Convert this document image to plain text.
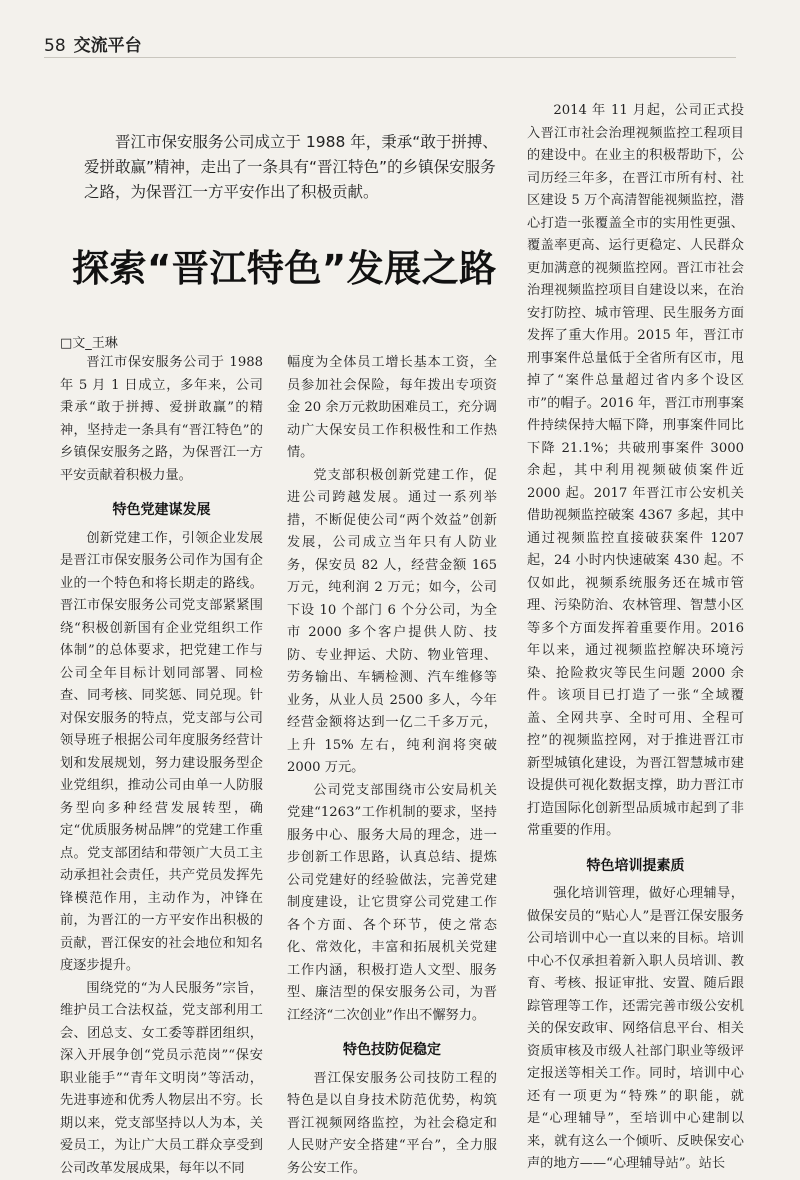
58 交流平台
晋江市保安服务公司成立于 1988 年，秉承“敢于拼搏、爱拼敢赢”精神，走出了一条具有“晋江特色”的乡镇保安服务之路，为保晋江一方平安作出了积极贡献。
探索“晋江特色”发展之路
□文_王琳

晋江市保安服务公司于 1988 年 5 月 1 日成立，多年来，公司秉承“敢于拼搏、爱拼敢赢”的精神，坚持走一条具有“晋江特色”的乡镇保安服务之路，为保晋江一方平安贡献着积极力量。

特色党建谋发展

创新党建工作，引领企业发展是晋江市保安服务公司作为国有企业的一个特色和将长期走的路线。晋江市保安服务公司党支部紧紧围绕“积极创新国有企业党组织工作体制”的总体要求，把党建工作与公司全年目标计划同部署、同检查、同考核、同奖惩、同兑现。针对保安服务的特点，党支部与公司领导班子根据公司年度服务经营计划和发展规划，努力建设服务型企业党组织，推动公司由单一人防服务型向多种经营发展转型，确定“优质服务树品牌”的党建工作重点。党支部团结和带领广大员工主动承担社会责任，共产党员发挥先锋模范作用，主动作为，冲锋在前，为晋江的一方平安作出积极的贡献，晋江保安的社会地位和知名度逐步提升。

围绕党的“为人民服务”宗旨，维护员工合法权益，党支部利用工会、团总支、女工委等群团组织，深入开展争创“党员示范岗”“保安职业能手”“青年文明岗”等活动，先进事迹和优秀人物层出不穷。长期以来，党支部坚持以人为本，关爱员工，为让广大员工群众享受到公司改革发展成果，每年以不同

幅度为全体员工增长基本工资，全员参加社会保险，每年拨出专项资金 20 余万元救助困难员工，充分调动广大保安员工作积极性和工作热情。

党支部积极创新党建工作，促进公司跨越发展。通过一系列举措，不断促使公司“两个效益”创新发展，公司成立当年只有人防业务，保安员 82 人，经营金额 165 万元，纯利润 2 万元；如今，公司下设 10 个部门 6 个分公司，为全市 2000 多个客户提供人防、技防、专业押运、犬防、物业管理、劳务输出、车辆检测、汽车维修等业务，从业人员 2500 多人，今年经营金额将达到一亿二千多万元，上升 15% 左右，纯利润将突破 2000 万元。

公司党支部围绕市公安局机关党建“1263”工作机制的要求，坚持服务中心、服务大局的理念，进一步创新工作思路，认真总结、提炼公司党建好的经验做法，完善党建制度建设，让它贯穿公司党建工作各个方面、各个环节，使之常态化、常效化，丰富和拓展机关党建工作内涵，积极打造人文型、服务型、廉洁型的保安服务公司，为晋江经济“二次创业”作出不懈努力。

特色技防促稳定

晋江保安服务公司技防工程的特色是以自身技术防范优势，构筑晋江视频网络监控，为社会稳定和人民财产安全搭建“平台”，全力服务公安工作。

2014 年 11 月起，公司正式投入晋江市社会治理视频监控工程项目的建设中。在业主的积极帮助下，公司历经三年多，在晋江市所有村、社区建设 5 万个高清智能视频监控，潜心打造一张覆盖全市的实用性更强、覆盖率更高、运行更稳定、人民群众更加满意的视频监控网。晋江市社会治理视频监控项目自建设以来，在治安打防控、城市管理、民生服务方面发挥了重大作用。2015 年，晋江市刑事案件总量低于全省所有区市，甩掉了“案件总量超过省内多个设区市”的帽子。2016 年，晋江市刑事案件持续保持大幅下降，刑事案件同比下降 21.1%；共破刑事案件 3000 余起，其中利用视频破侦案件近 2000 起。2017 年晋江市公安机关借助视频监控破案 4367 多起，其中通过视频监控直接破获案件 1207 起，24 小时内快速破案 430 起。不仅如此，视频系统服务还在城市管理、污染防治、农林管理、智慧小区等多个方面发挥着重要作用。2016 年以来，通过视频监控解决环境污染、抢险救灾等民生问题 2000 余件。该项目已打造了一张“全域覆盖、全网共享、全时可用、全程可控”的视频监控网，对于推进晋江市新型城镇化建设，为晋江智慧城市建设提供可视化数据支撑，助力晋江市打造国际化创新型品质城市起到了非常重要的作用。

特色培训提素质

强化培训管理，做好心理辅导，做保安员的“贴心人”是晋江保安服务公司培训中心一直以来的目标。培训中心不仅承担着新入职人员培训、教育、考核、报证审批、安置、随后跟踪管理等工作，还需完善市级公安机关的保安政审、网络信息平台、相关资质审核及市级人社部门职业等级评定报送等相关工作。同时，培训中心还有一项更为“特殊”的职能，就是“心理辅导”，至培训中心建制以来，就有这么一个倾听、反映保安心声的地方——“心理辅导站”。站长
